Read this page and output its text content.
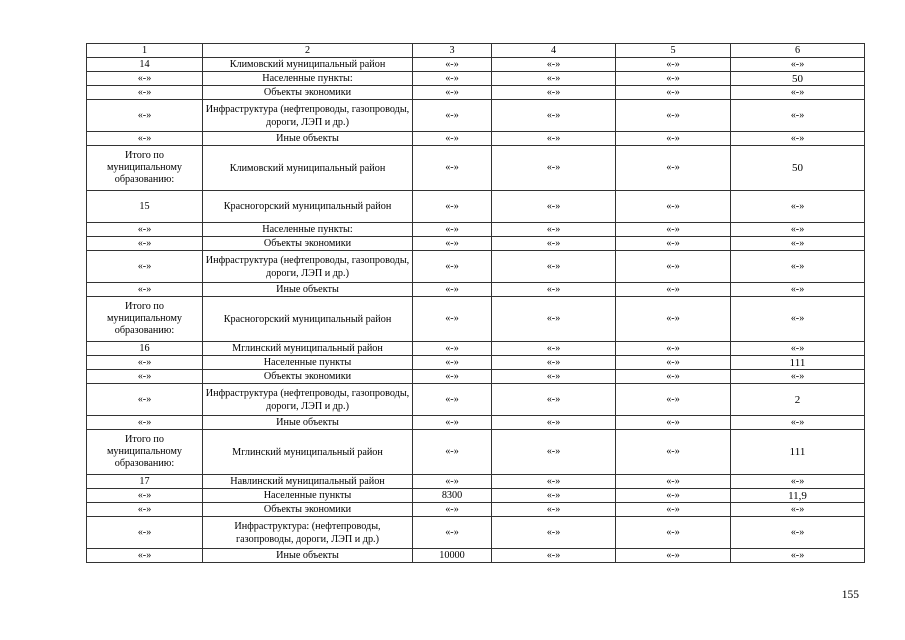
1	2	3	4	5	6
14	Климовский муниципальный район	«-»	«-»	«-»	«-»
«-»	Населенные пункты:	«-»	«-»	«-»	50
«-»	Объекты экономики	«-»	«-»	«-»	«-»
«-»	Инфраструктура (нефтепроводы, газопроводы, дороги, ЛЭП и др.)	«-»	«-»	«-»	«-»
«-»	Иные объекты	«-»	«-»	«-»	«-»
Итого по муниципальному образованию:	Климовский муниципальный район	«-»	«-»	«-»	50
15	Красногорский муниципальный район	«-»	«-»	«-»	«-»
«-»	Населенные пункты:	«-»	«-»	«-»	«-»
«-»	Объекты экономики	«-»	«-»	«-»	«-»
«-»	Инфраструктура (нефтепроводы, газопроводы, дороги, ЛЭП и др.)	«-»	«-»	«-»	«-»
«-»	Иные объекты	«-»	«-»	«-»	«-»
Итого по муниципальному образованию:	Красногорский муниципальный район	«-»	«-»	«-»	«-»
16	Мглинский муниципальный район	«-»	«-»	«-»	«-»
«-»	Населенные пункты	«-»	«-»	«-»	111
«-»	Объекты экономики	«-»	«-»	«-»	«-»
«-»	Инфраструктура (нефтепроводы, газопроводы, дороги, ЛЭП и др.)	«-»	«-»	«-»	2
«-»	Иные объекты	«-»	«-»	«-»	«-»
Итого по муниципальному образованию:	Мглинский муниципальный район	«-»	«-»	«-»	111
17	Навлинский муниципальный район	«-»	«-»	«-»	«-»
«-»	Населенные пункты	8300	«-»	«-»	11,9
«-»	Объекты экономики	«-»	«-»	«-»	«-»
«-»	Инфраструктура: (нефтепроводы, газопроводы, дороги, ЛЭП и др.)	«-»	«-»	«-»	«-»
«-»	Иные объекты	10000	«-»	«-»	«-»
155
